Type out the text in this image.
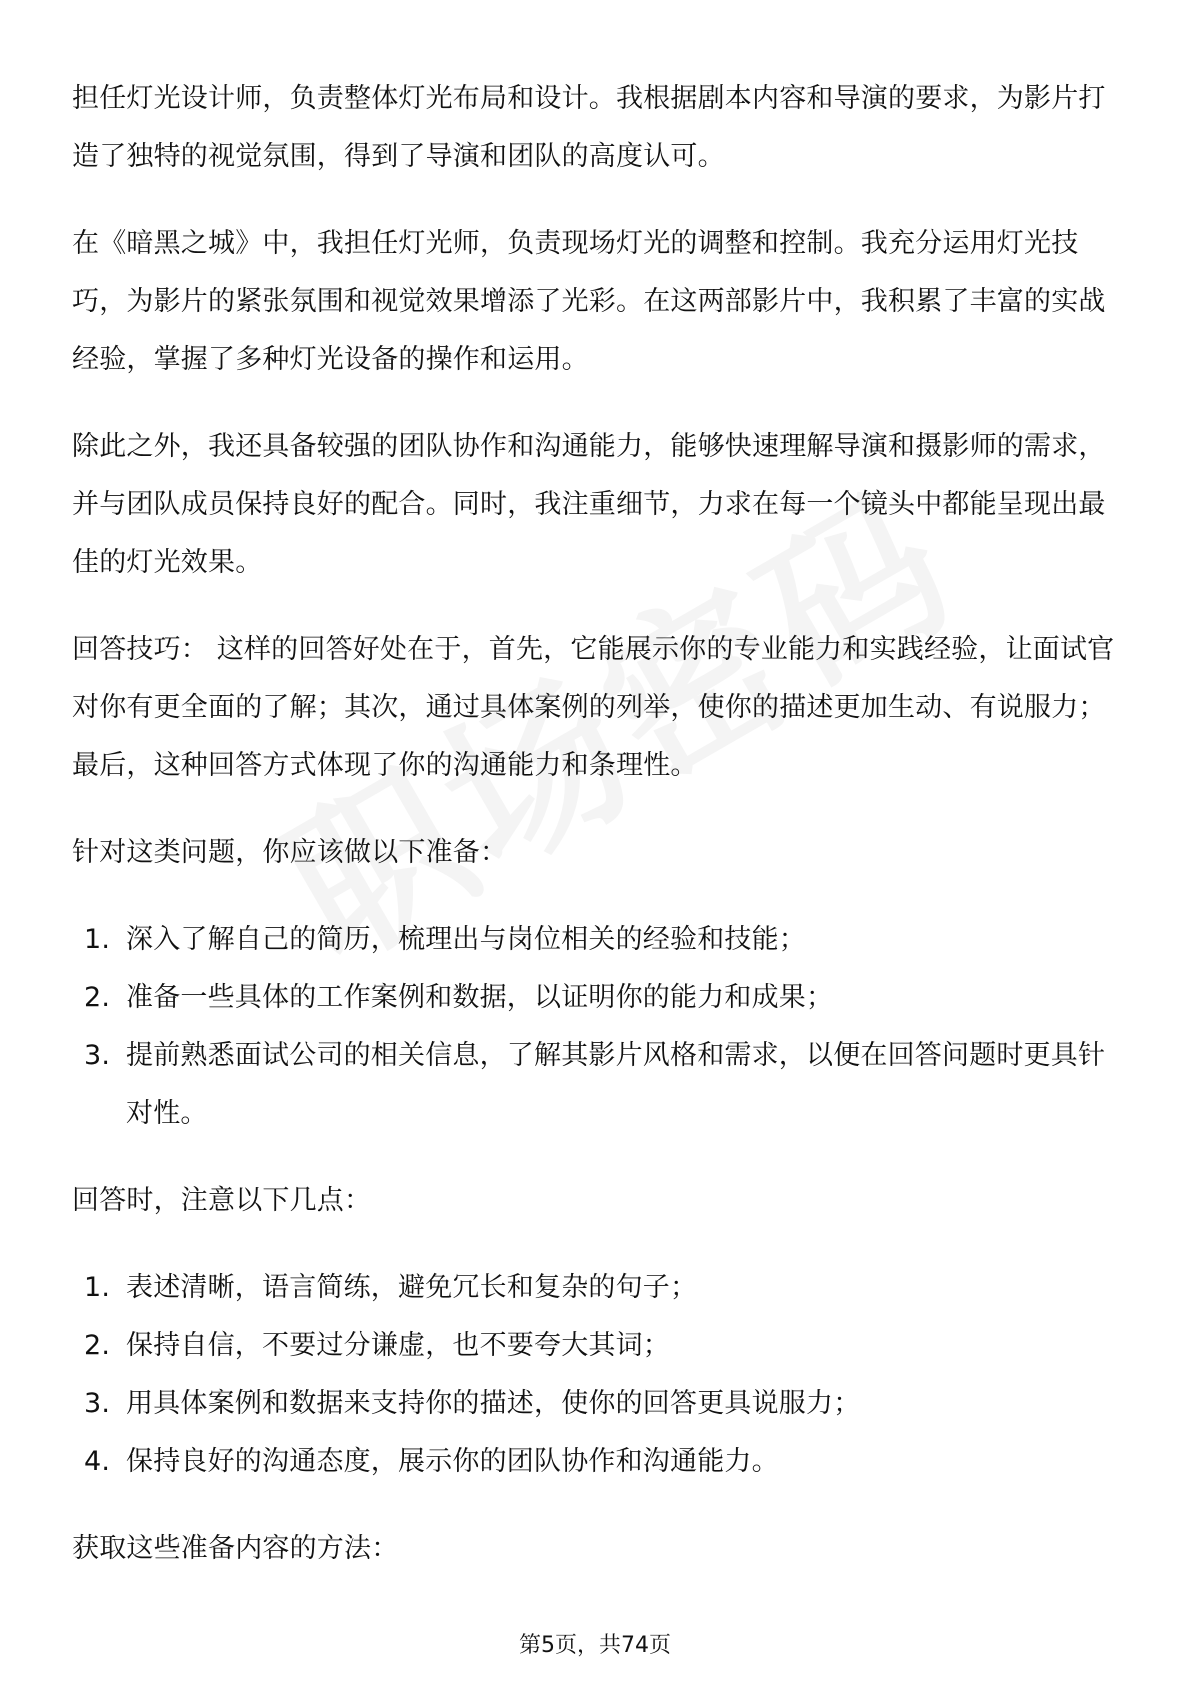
担任灯光设计师，负责整体灯光布局和设计。我根据剧本内容和导演的要求，为影片打造了独特的视觉氛围，得到了导演和团队的高度认可。

在《暗黑之城》中，我担任灯光师，负责现场灯光的调整和控制。我充分运用灯光技巧，为影片的紧张氛围和视觉效果增添了光彩。在这两部影片中，我积累了丰富的实战经验，掌握了多种灯光设备的操作和运用。

除此之外，我还具备较强的团队协作和沟通能力，能够快速理解导演和摄影师的需求，并与团队成员保持良好的配合。同时，我注重细节，力求在每一个镜头中都能呈现出最佳的灯光效果。

回答技巧： 这样的回答好处在于，首先，它能展示你的专业能力和实践经验，让面试官对你有更全面的了解；其次，通过具体案例的列举，使你的描述更加生动、有说服力；最后，这种回答方式体现了你的沟通能力和条理性。

针对这类问题，你应该做以下准备：

1. 深入了解自己的简历，梳理出与岗位相关的经验和技能；
2. 准备一些具体的工作案例和数据，以证明你的能力和成果；
3. 提前熟悉面试公司的相关信息，了解其影片风格和需求，以便在回答问题时更具针对性。

回答时，注意以下几点：

1. 表述清晰，语言简练，避免冗长和复杂的句子；
2. 保持自信，不要过分谦虚，也不要夸大其词；
3. 用具体案例和数据来支持你的描述，使你的回答更具说服力；
4. 保持良好的沟通态度，展示你的团队协作和沟通能力。

获取这些准备内容的方法：

第5页，共74页
